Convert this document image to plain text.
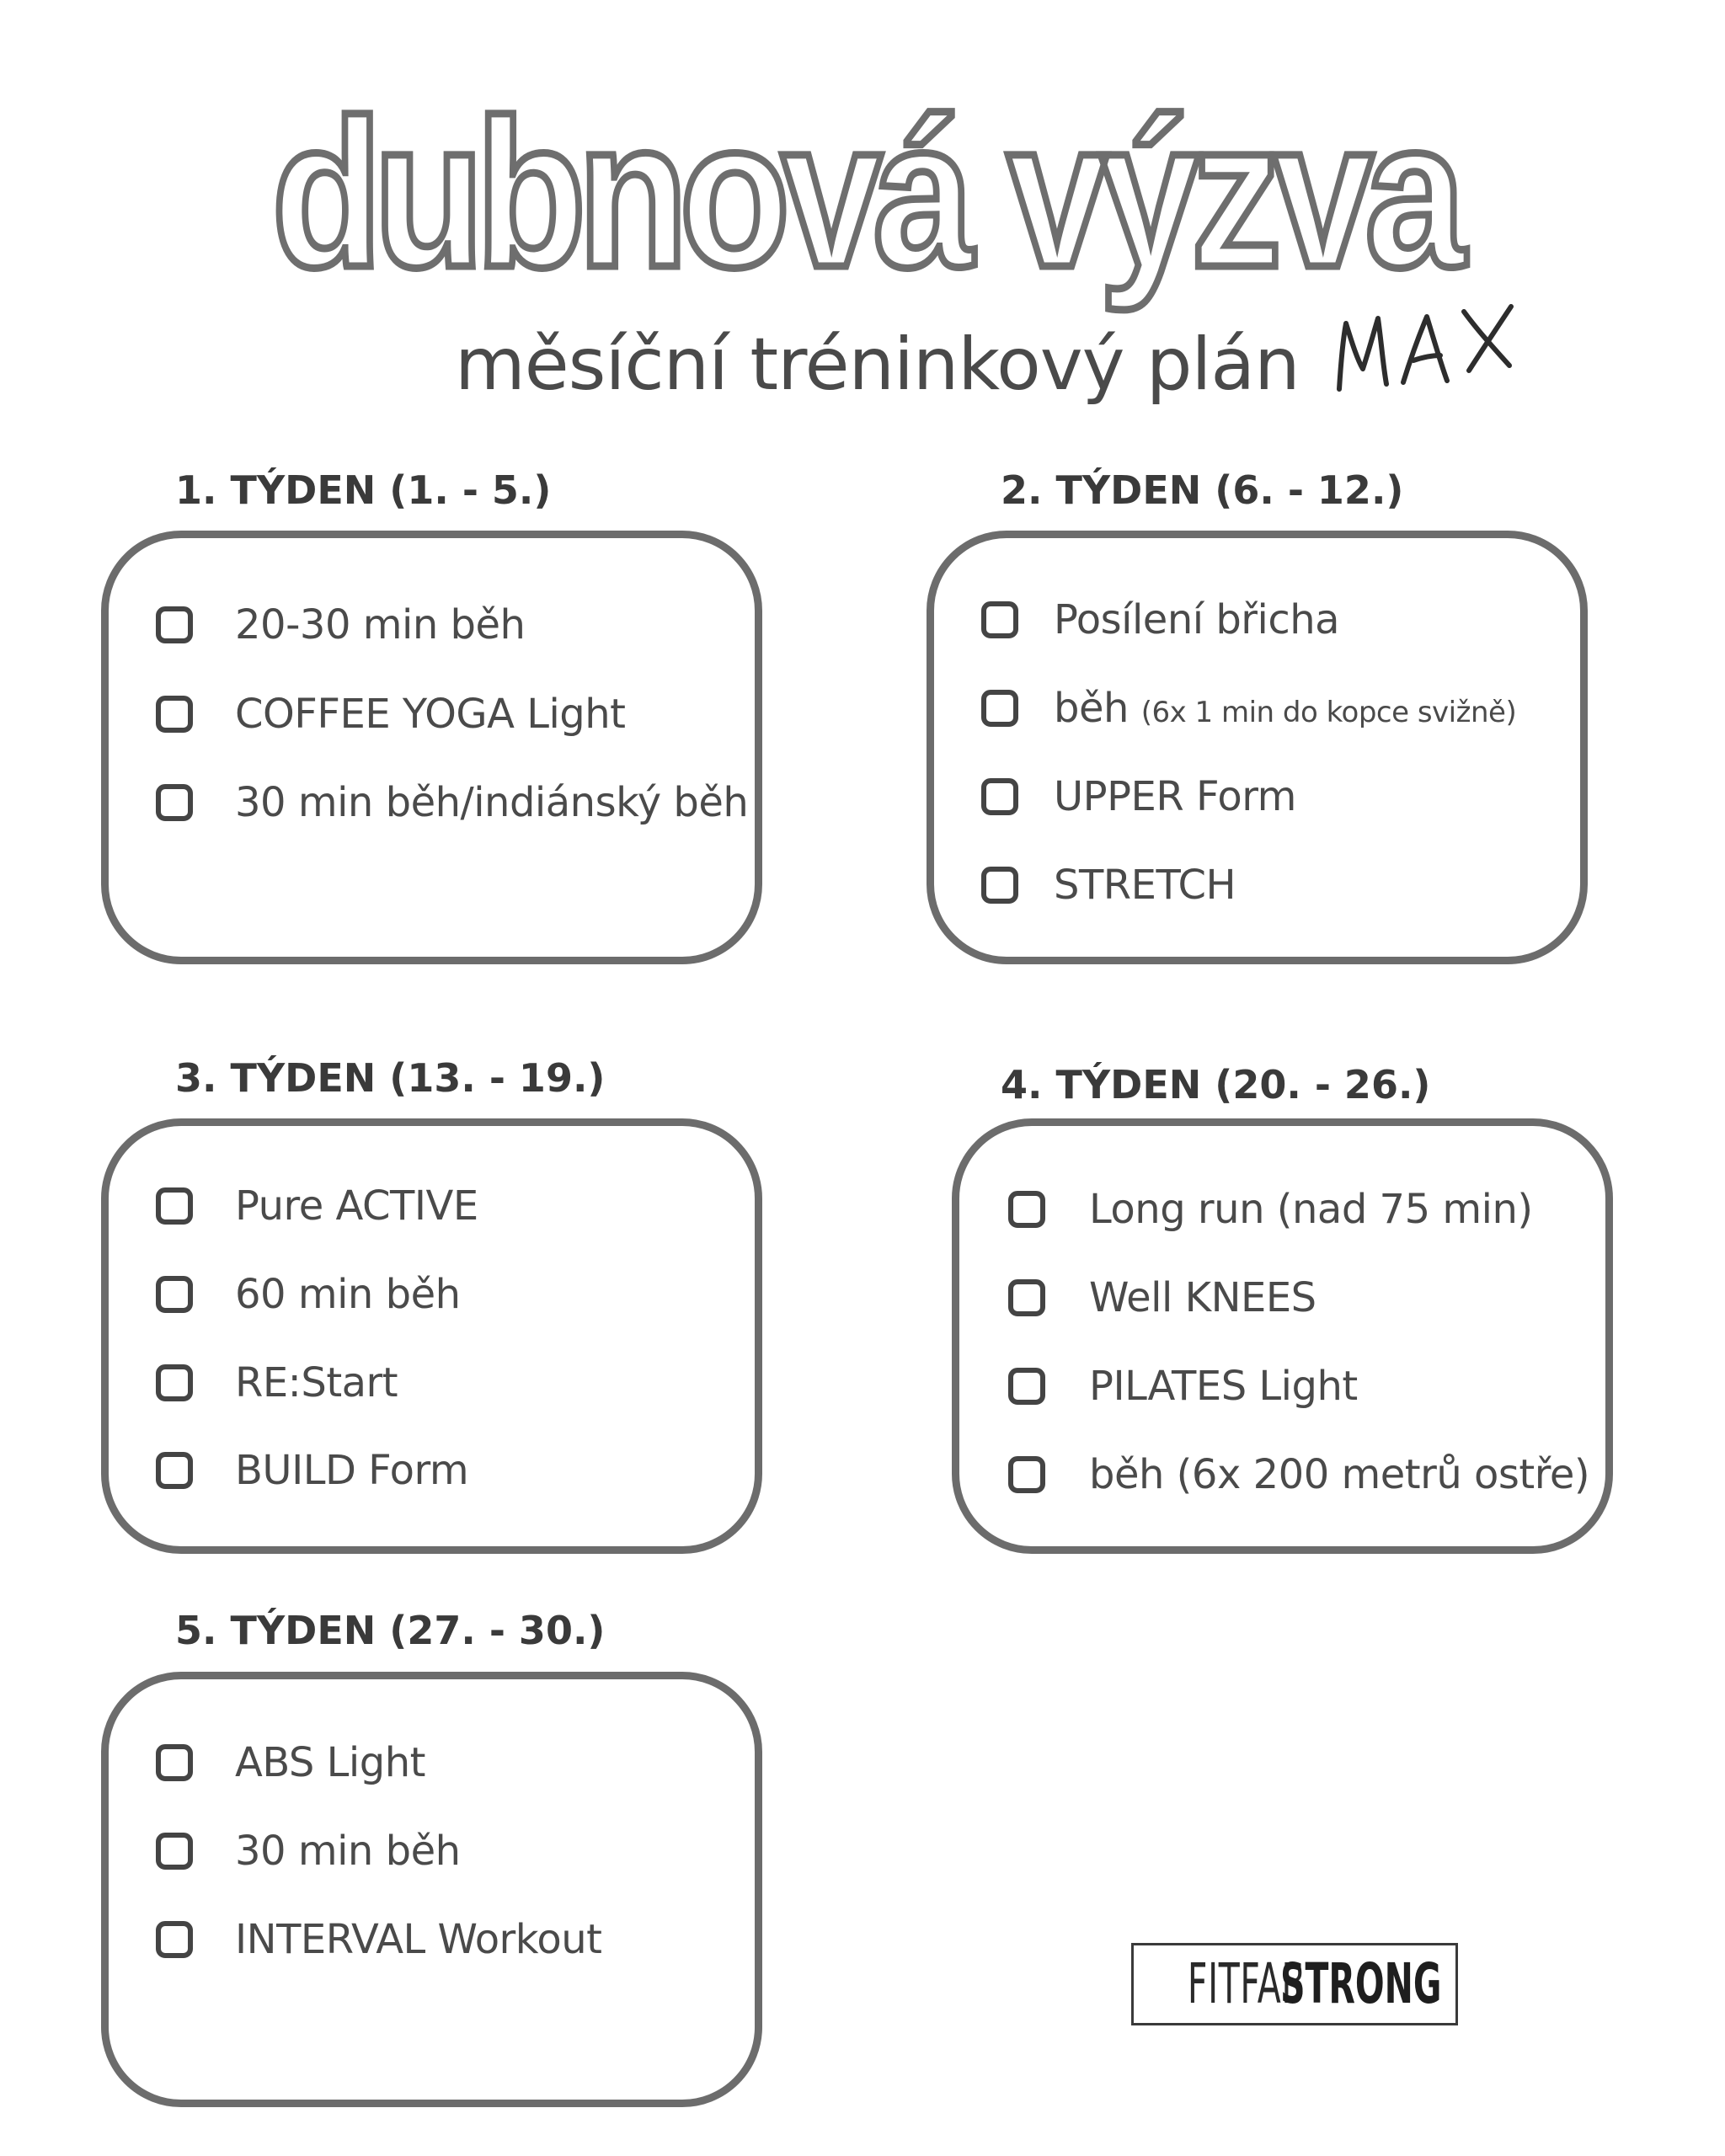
dubnová výzva
měsíční tréninkový plán
1. TÝDEN (1. - 5.)
20-30 min běh
COFFEE YOGA Light
30 min běh/indiánský běh
2. TÝDEN (6. - 12.)
Posílení břicha
běh (6x 1 min do kopce svižně)
UPPER Form
STRETCH
3. TÝDEN (13. - 19.)
Pure ACTIVE
60 min běh
RE:Start
BUILD Form
4. TÝDEN (20. - 26.)
Long run (nad 75 min)
Well KNEES
PILATES Light
běh (6x 200 metrů ostře)
5. TÝDEN (27. - 30.)
ABS Light
30 min běh
INTERVAL Workout
FITFAB
STRONG
